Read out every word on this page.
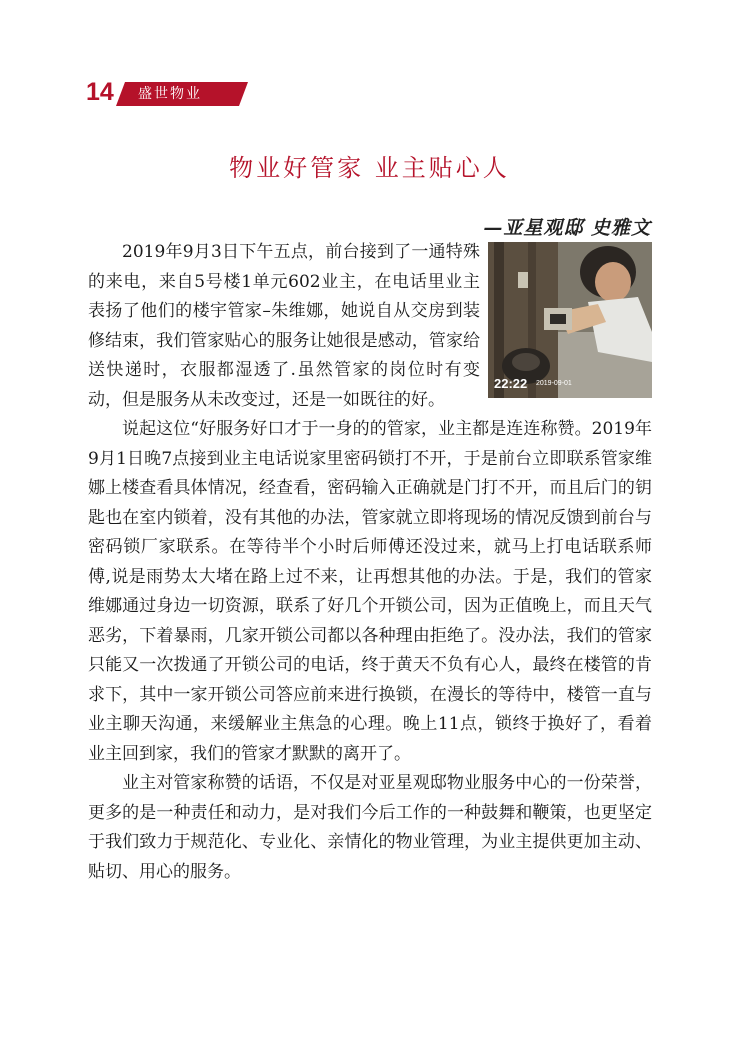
14 盛世物业
物业好管家 业主贴心人
—亚星观邸 史雅文
22:22 2019-09-01

2019年9月3日下午五点，前台接到了一通特殊的来电，来自5号楼1单元602业主，在电话里业主表扬了他们的楼宇管家–朱维娜，她说自从交房到装修结束，我们管家贴心的服务让她很是感动，管家给送快递时，衣服都湿透了.虽然管家的岗位时有变动，但是服务从未改变过，还是一如既往的好。

说起这位“好服务好口才于一身的的管家，业主都是连连称赞。2019年9月1日晚7点接到业主电话说家里密码锁打不开，于是前台立即联系管家维娜上楼查看具体情况，经查看，密码输入正确就是门打不开，而且后门的钥匙也在室内锁着，没有其他的办法，管家就立即将现场的情况反馈到前台与密码锁厂家联系。在等待半个小时后师傅还没过来，就马上打电话联系师傅,说是雨势太大堵在路上过不来，让再想其他的办法。于是，我们的管家维娜通过身边一切资源，联系了好几个开锁公司，因为正值晚上，而且天气恶劣，下着暴雨，几家开锁公司都以各种理由拒绝了。没办法，我们的管家只能又一次拨通了开锁公司的电话，终于黄天不负有心人，最终在楼管的肯求下，其中一家开锁公司答应前来进行换锁，在漫长的等待中，楼管一直与业主聊天沟通，来缓解业主焦急的心理。晚上11点，锁终于换好了，看着业主回到家，我们的管家才默默的离开了。

业主对管家称赞的话语，不仅是对亚星观邸物业服务中心的一份荣誉，更多的是一种责任和动力，是对我们今后工作的一种鼓舞和鞭策，也更坚定于我们致力于规范化、专业化、亲情化的物业管理，为业主提供更加主动、贴切、用心的服务。
